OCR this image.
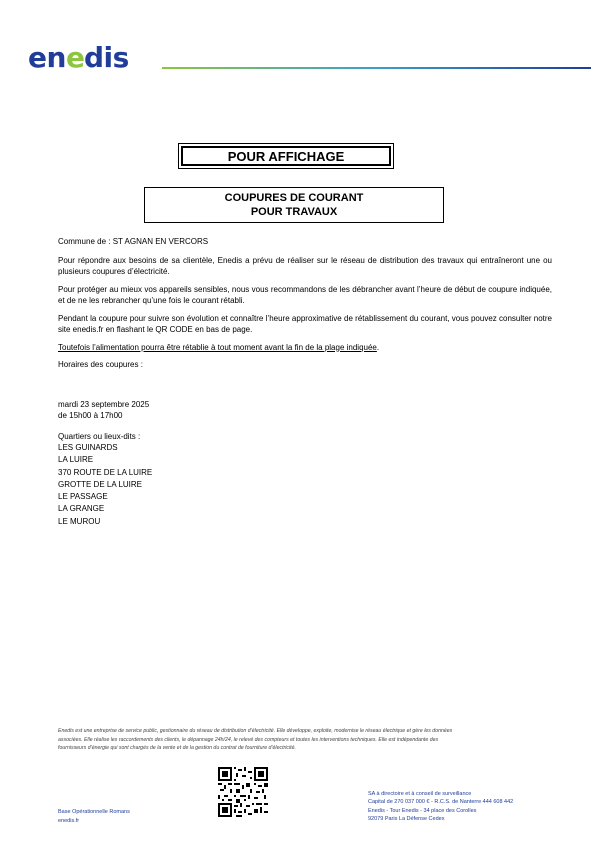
en e dis
POUR AFFICHAGE
COUPURES DE COURANT
POUR TRAVAUX

Commune de : ST AGNAN EN VERCORS

Pour répondre aux besoins de sa clientèle, Enedis a prévu de réaliser sur le réseau de distribution des travaux qui entraîneront une ou plusieurs coupures d’électricité.

Pour protéger au mieux vos appareils sensibles, nous vous recommandons de les débrancher avant l’heure de début de coupure indiquée, et de ne les rebrancher qu’une fois le courant rétabli.

Pendant la coupure pour suivre son évolution et connaître l’heure approximative de rétablissement du courant, vous pouvez consulter notre site enedis.fr en flashant le QR CODE en bas de page.

Toutefois l’alimentation pourra être rétablie à tout moment avant la fin de la plage indiquée.

Horaires des coupures :

mardi 23 septembre 2025
de 15h00 à 17h00
Quartiers ou lieux-dits :
LES GUINARDS
LA LUIRE
370 ROUTE DE LA LUIRE
GROTTE DE LA LUIRE
LE PASSAGE
LA GRANGE
LE MUROU
Enedis est une entreprise de service public, gestionnaire du réseau de distribution d’électricité. Elle développe, exploite, modernise le réseau électrique et gère les données
associées. Elle réalise les raccordements des clients, le dépannage 24h/24, le relevé des compteurs et toutes les interventions techniques. Elle est indépendante des
fournisseurs d’énergie qui sont chargés de la vente et de la gestion du contrat de fourniture d’électricité.
Base Opérationnelle Romans
enedis.fr
SA à directoire et à conseil de surveillance
Capital de 270 037 000 € - R.C.S. de Nanterre 444 608 442
Enedis - Tour Enedis - 34 place des Corolles
92079 Paris La Défense Cedex
